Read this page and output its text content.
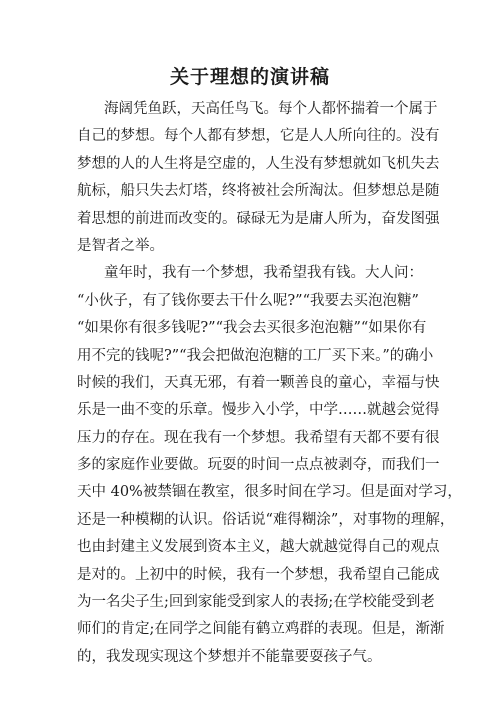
关于理想的演讲稿
海阔凭鱼跃，天高任鸟飞。每个人都怀揣着一个属于
自己的梦想。每个人都有梦想，它是人人所向往的。没有
梦想的人的人生将是空虚的，人生没有梦想就如飞机失去
航标，船只失去灯塔，终将被社会所淘汰。但梦想总是随
着思想的前进而改变的。碌碌无为是庸人所为，奋发图强
是智者之举。
童年时，我有一个梦想，我希望我有钱。大人问：
“小伙子，有了钱你要去干什么呢?”“我要去买泡泡糖”
“如果你有很多钱呢?”“我会去买很多泡泡糖”“如果你有
用不完的钱呢?”“我会把做泡泡糖的工厂买下来。”的确小
时候的我们，天真无邪，有着一颗善良的童心，幸福与快
乐是一曲不变的乐章。慢步入小学，中学……就越会觉得
压力的存在。现在我有一个梦想。我希望有天都不要有很
多的家庭作业要做。玩耍的时间一点点被剥夺，而我们一
天中 40%被禁锢在教室，很多时间在学习。但是面对学习，
还是一种模糊的认识。俗话说“难得糊涂”，对事物的理解，
也由封建主义发展到资本主义，越大就越觉得自己的观点
是对的。上初中的时候，我有一个梦想，我希望自己能成
为一名尖子生;回到家能受到家人的表扬;在学校能受到老
师们的肯定;在同学之间能有鹤立鸡群的表现。但是，渐渐
的，我发现实现这个梦想并不能靠要耍孩子气。
